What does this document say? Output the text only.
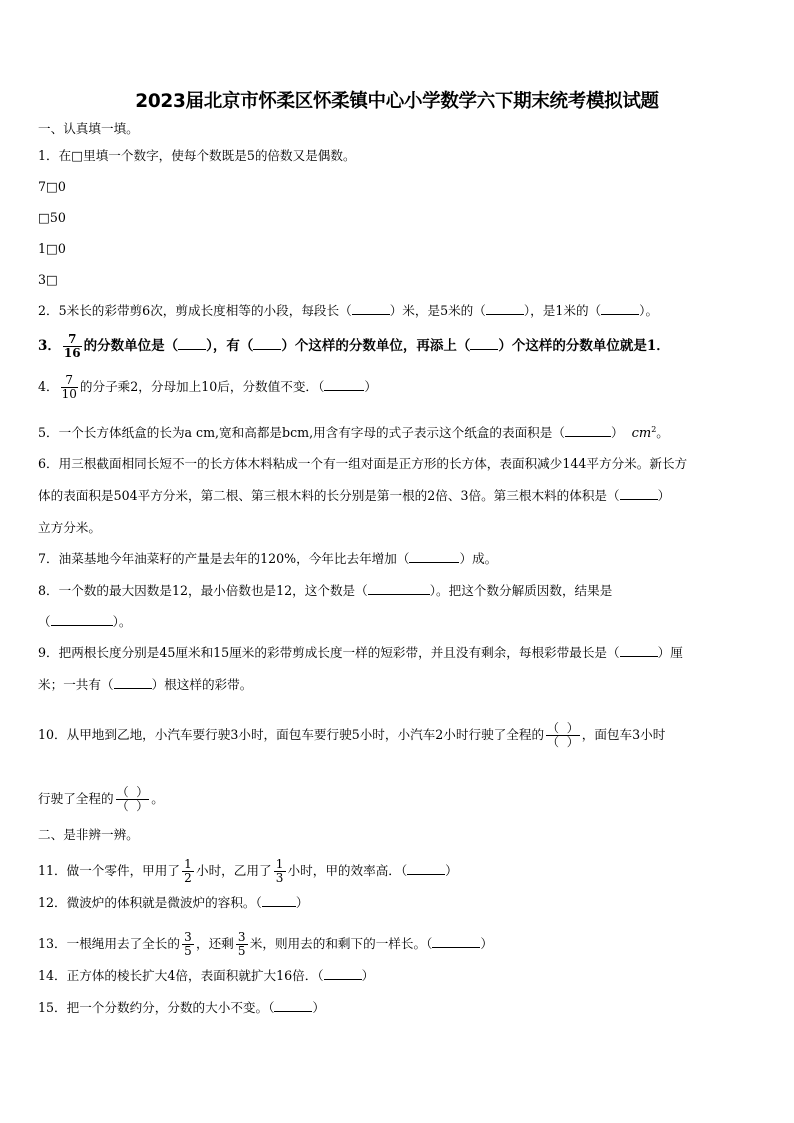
2023届北京市怀柔区怀柔镇中心小学数学六下期末统考模拟试题
一、认真填一填。
1．在□里填一个数字，使每个数既是5的倍数又是偶数。
7□0
□50
1□0
3□
2．5米长的彩带剪6次，剪成长度相等的小段，每段长（	）米，是5米的（	），是1米的（	）。
3． $\frac{7}{16}$ 的分数单位是（ ），有（ ）个这样的分数单位，再添上（ ）个这样的分数单位就是1．
4． $\frac{7}{10}$ 的分子乘2，分母加上10后，分数值不变．（	）
5．一个长方体纸盒的长为a cm,宽和高都是bcm,用含有字母的式子表示这个纸盒的表面积是（	） $cm^2$。
6．用三根截面相同长短不一的长方体木料粘成一个有一组对面是正方形的长方体，表面积减少144平方分米。新长方
体的表面积是504平方分米，第二根、第三根木料的长分别是第一根的2倍、3倍。第三根木料的体积是（	）
立方分米。
7．油菜基地今年油菜籽的产量是去年的120%，今年比去年增加（	）成。
8．一个数的最大因数是12，最小倍数也是12，这个数是（	）。把这个数分解质因数，结果是
（	）。
9．把两根长度分别是45厘米和15厘米的彩带剪成长度一样的短彩带，并且没有剩余，每根彩带最长是（	）厘
米；一共有（	）根这样的彩带。
10．从甲地到乙地，小汽车要行驶3小时，面包车要行驶5小时，小汽车2小时行驶了全程的 $\frac{( )}{( )}$ ，面包车3小时
行驶了全程的 $\frac{( )}{( )}$ 。
二、是非辨一辨。
11．做一个零件，甲用了 $\frac{1}{2}$ 小时，乙用了 $\frac{1}{3}$ 小时，甲的效率高．（	）
12．微波炉的体积就是微波炉的容积。（	）
13．一根绳用去了全长的 $\frac{3}{5}$ ，还剩 $\frac{3}{5}$ 米，则用去的和剩下的一样长。（	）
14．正方体的棱长扩大4倍，表面积就扩大16倍．（	）
15．把一个分数约分，分数的大小不变。（	）
